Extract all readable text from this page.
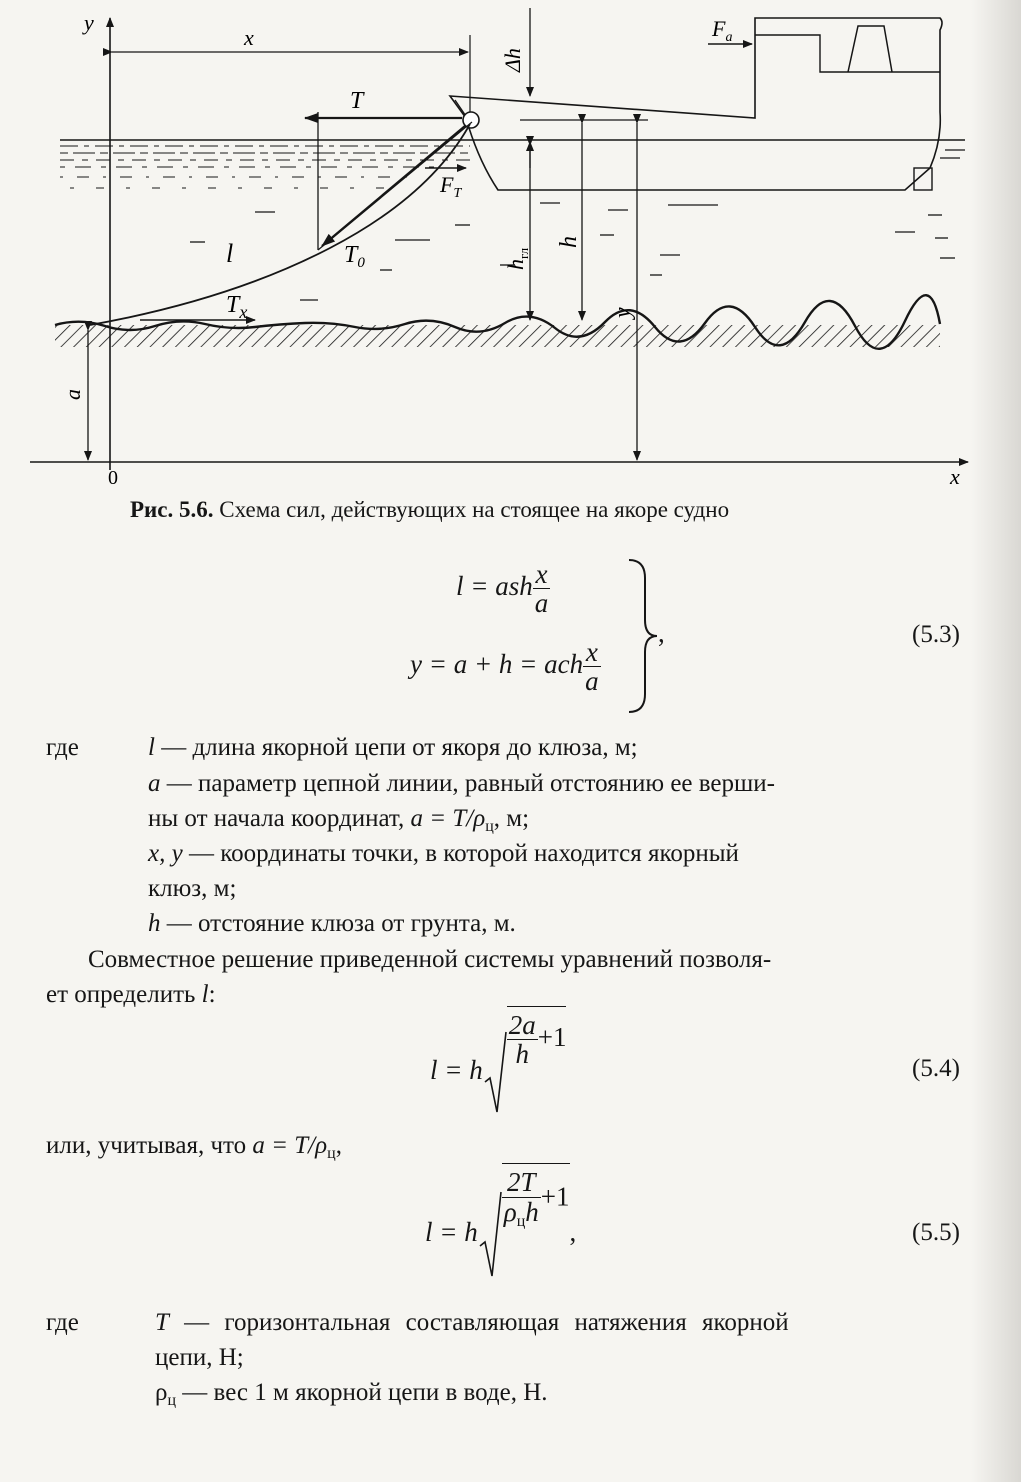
y
x
0
x
T
$T_0$
$F_T$
$F_a$
l
$T_x$
Δh
$h_{гл}$
h
y
a
Рис. 5.6. Схема сил, действующих на стоящее на якоре судно
l = ash $\frac{x}{a}$
y = a + h = ach $\frac{x}{a}$
,	(5.3)
где	l — длина якорной цепи от якоря до клюза, м;
a — параметр цепной линии, равный отстоянию ее верши-
ны от начала координат, $a = T/\rho_ц$, м;
x, y — координаты точки, в которой находится якорный
клюз, м;
h — отстояние клюза от грунта, м.
Совместное решение приведенной системы уравнений позволя-
ет определить l:
l = h
$\frac{2a}{h} +1$
(5.4)
или, учитывая, что $a = T/\rho_ц$,
l = h
$\frac{2T}{\rho_цh} +1$,	(5.5)
где	T — горизонтальная составляющая натяжения якорной
цепи, Н;
$\rho_ц$ — вес 1 м якорной цепи в воде, Н.
